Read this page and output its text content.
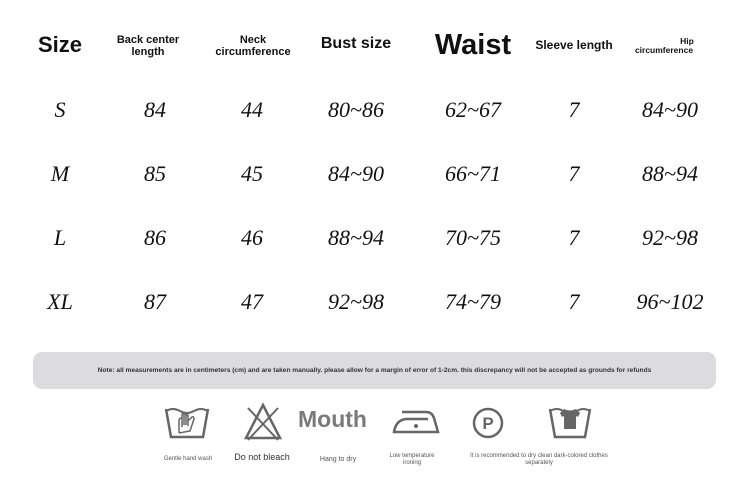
Size	Back center
length
Neck
circumference	Bust size	Waist	Sleeve length	Hip
circumference
S	84	44	80~86	62~67	7	84~90
M	85	45	84~90	66~71	7	88~94
L	86	46	88~94	70~75	7	92~98
XL	87	47	92~98	74~79	7	96~102
Note: all measurements are in centimeters (cm) and are taken manually. please allow for a margin of error of 1-2cm. this discrepancy will not be accepted as grounds for refunds
Mouth	P
Gentle hand wash	Do not bleach	Hang to dry	Low temperature
ironing
It is recommended to dry clean dark-colored clothes
separately
